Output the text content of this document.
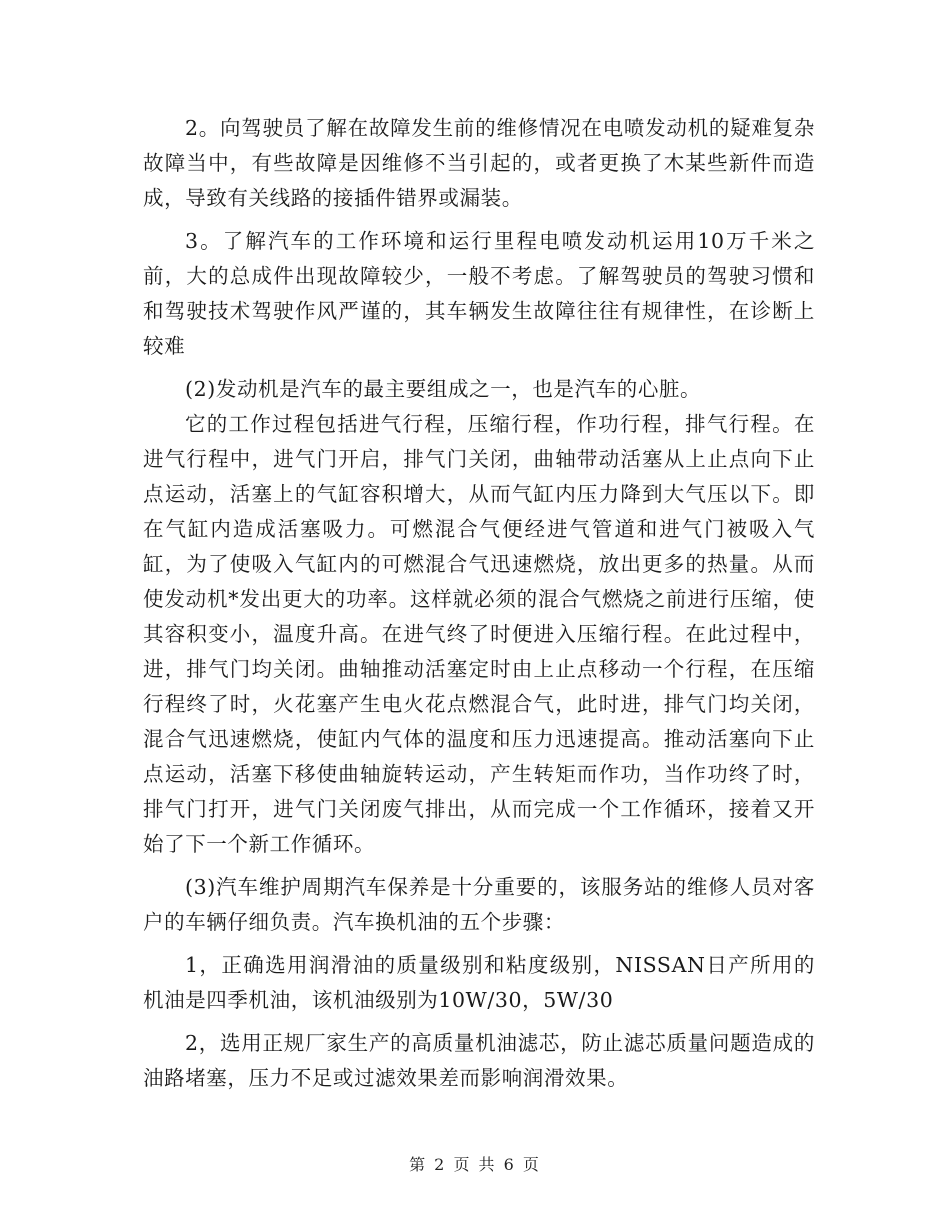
2。向驾驶员了解在故障发生前的维修情况在电喷发动机的疑难复杂故障当中，有些故障是因维修不当引起的，或者更换了木某些新件而造成，导致有关线路的接插件错界或漏装。

3。了解汽车的工作环境和运行里程电喷发动机运用10万千米之前，大的总成件出现故障较少，一般不考虑。了解驾驶员的驾驶习惯和和驾驶技术驾驶作风严谨的，其车辆发生故障往往有规律性，在诊断上较难

(2)发动机是汽车的最主要组成之一，也是汽车的心脏。

它的工作过程包括进气行程，压缩行程，作功行程，排气行程。在进气行程中，进气门开启，排气门关闭，曲轴带动活塞从上止点向下止点运动，活塞上的气缸容积增大，从而气缸内压力降到大气压以下。即在气缸内造成活塞吸力。可燃混合气便经进气管道和进气门被吸入气缸，为了使吸入气缸内的可燃混合气迅速燃烧，放出更多的热量。从而使发动机*发出更大的功率。这样就必须的混合气燃烧之前进行压缩，使其容积变小，温度升高。在进气终了时便进入压缩行程。在此过程中，进，排气门均关闭。曲轴推动活塞定时由上止点移动一个行程，在压缩行程终了时，火花塞产生电火花点燃混合气，此时进，排气门均关闭，混合气迅速燃烧，使缸内气体的温度和压力迅速提高。推动活塞向下止点运动，活塞下移使曲轴旋转运动，产生转矩而作功，当作功终了时，排气门打开，进气门关闭废气排出，从而完成一个工作循环，接着又开始了下一个新工作循环。

(3)汽车维护周期汽车保养是十分重要的，该服务站的维修人员对客户的车辆仔细负责。汽车换机油的五个步骤：

1，正确选用润滑油的质量级别和粘度级别，NISSAN日产所用的机油是四季机油，该机油级别为10W/30，5W/30

2，选用正规厂家生产的高质量机油滤芯，防止滤芯质量问题造成的油路堵塞，压力不足或过滤效果差而影响润滑效果。

第 2 页 共 6 页
